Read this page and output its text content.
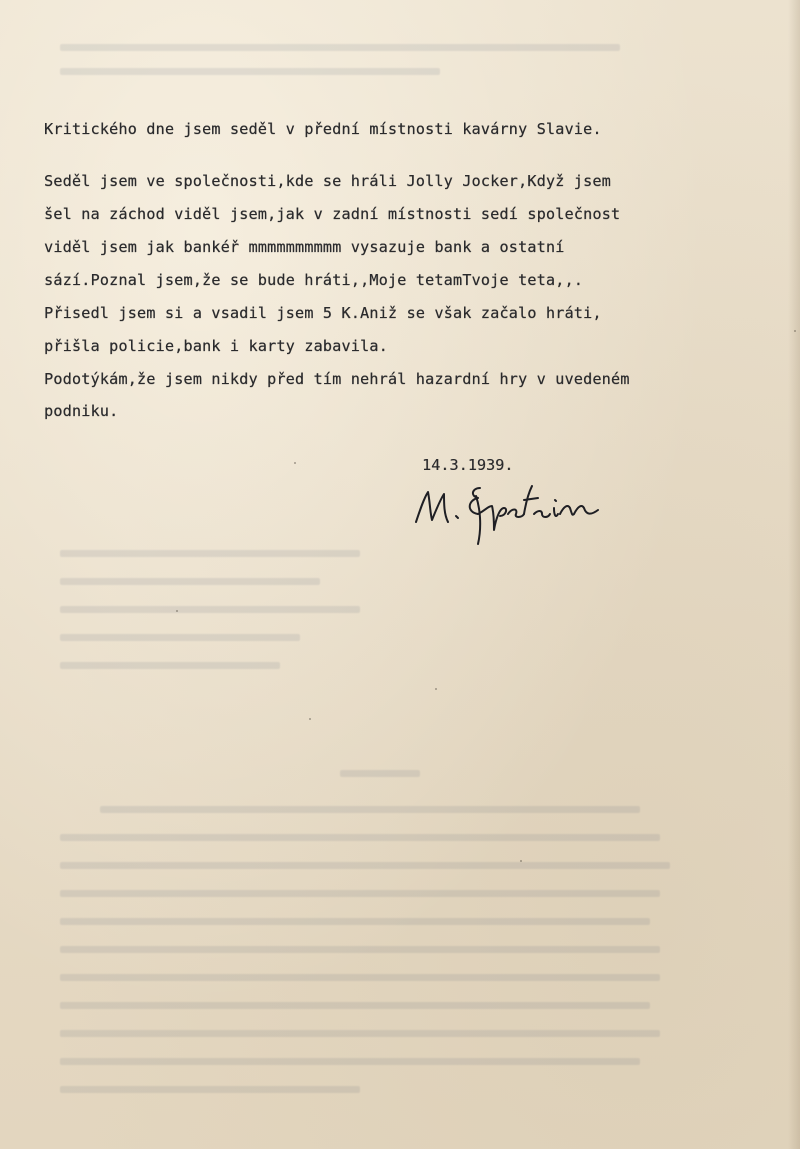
Kritického dne jsem seděl v přední místnosti kavárny Slavie.

Seděl jsem ve společnosti,kde se hráli Jolly Jocker,Když jsem

šel na záchod viděl jsem,jak v zadní místnosti sedí společnost

viděl jsem jak bankéř mmmmmmmmmm vysazuje bank a ostatní

sází.Poznal jsem,že se bude hráti,,Moje tetamTvoje teta,,.

Přisedl jsem si a vsadil jsem 5 K.Aniž se však začalo hráti,

přišla policie,bank i karty zabavila.

Podotýkám,že jsem nikdy před tím nehrál hazardní hry v uvedeném

podniku.

14.3.1939.
